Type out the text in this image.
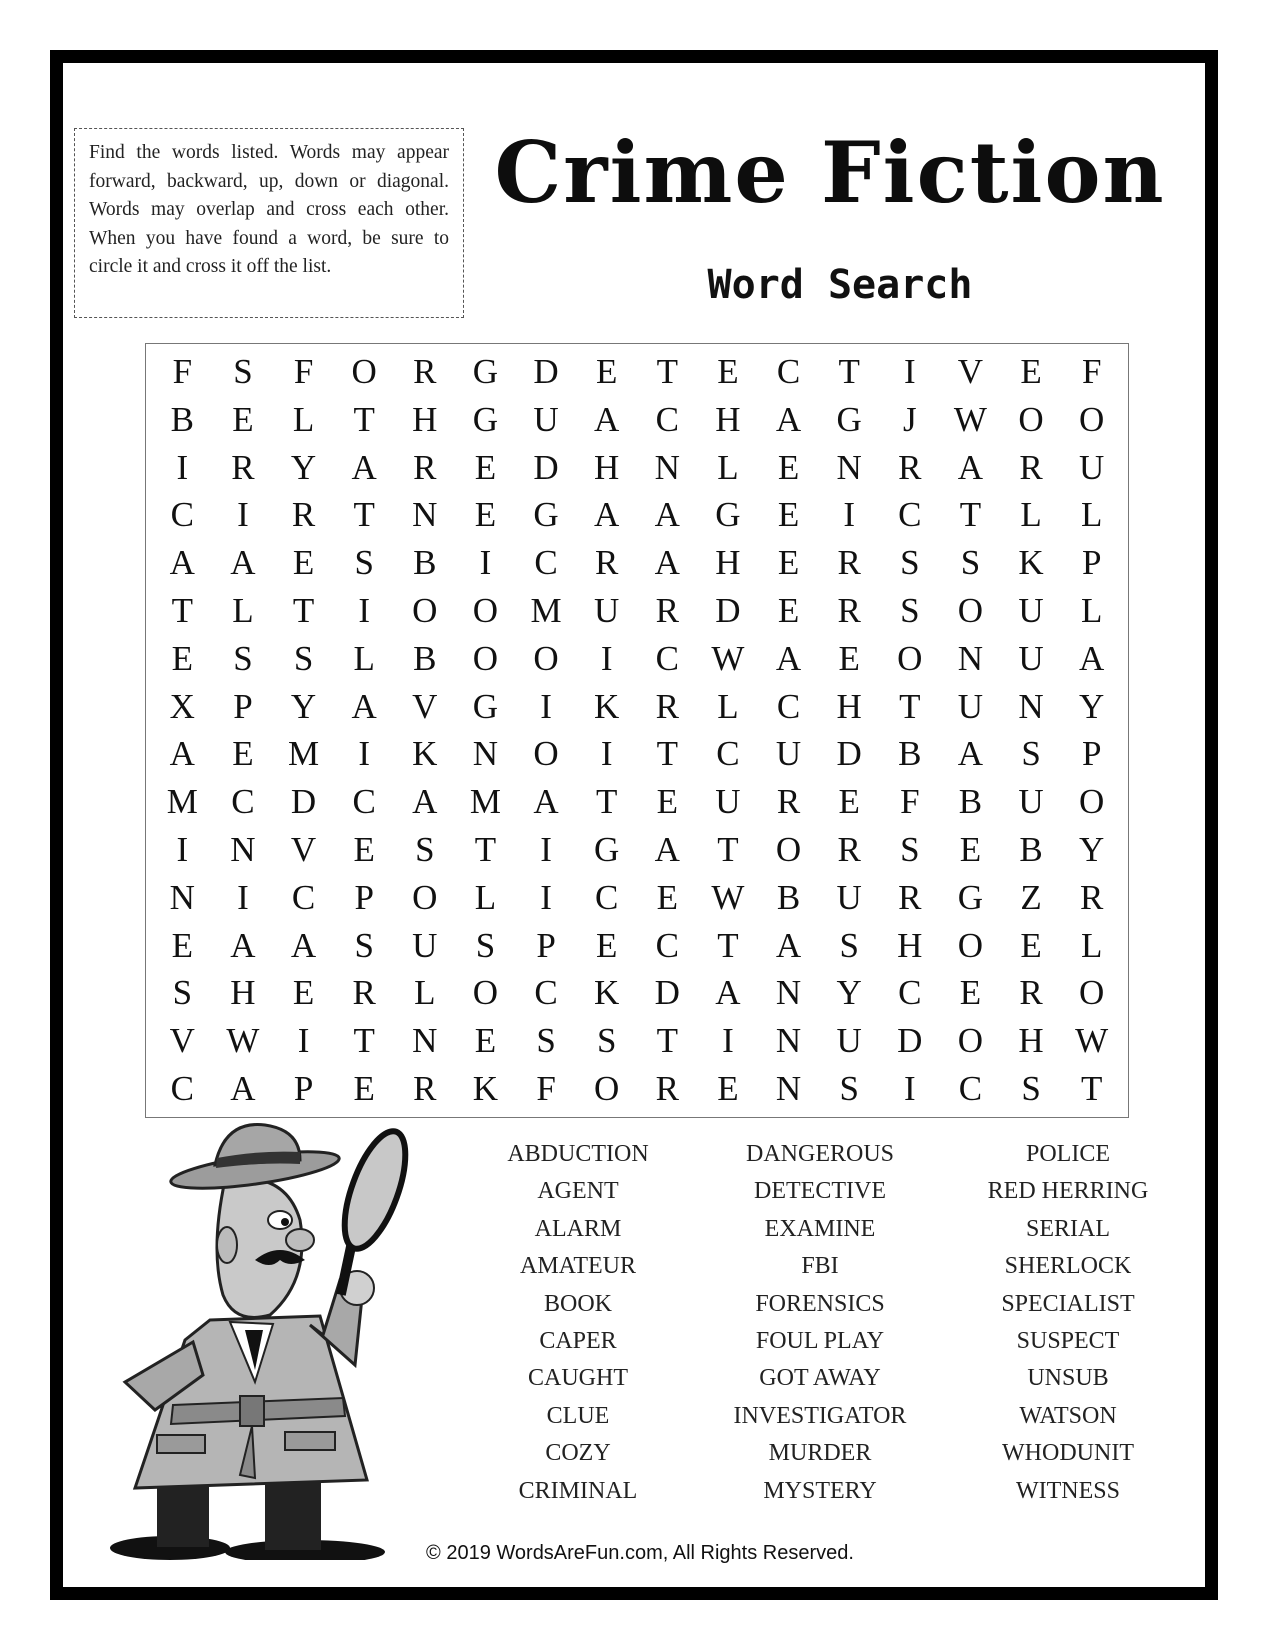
Find the words listed. Words may appear forward, backward, up, down or diagonal. Words may overlap and cross each other. When you have found a word, be sure to circle it and cross it off the list.
Crime Fiction
Word Search
F	S	F	O	R	G	D	E	T	E	C	T	I	V	E	F
B	E	L	T	H	G	U	A	C	H	A	G	J	W O	O
I	R	Y	A	R	E	D	H	N	L	E	N	R	A	R	U
C	I	R	T	N	E	G	A	A	G	E	I	C	T	L	L
A	A	E	S	B	I	C	R	A	H	E	R	S	S	K	P
T	L	T	I	O	O M U	R	D	E	R	S	O	U	L
E	S	S	L	B	O	O	I	C W A	E	O	N	U	A
X	P	Y	A	V	G	I	K	R	L	C	H	T	U	N	Y
A	E M	I	K	N	O	I	T	C	U	D	B	A	S	P
M C	D	C	A M A	T	E	U	R	E	F	B	U	O
I	N	V	E	S	T	I	G	A	T	O	R	S	E	B	Y
N	I	C	P	O	L	I	C	E W B	U	R	G	Z	R
E	A	A	S	U	S	P	E	C	T	A	S	H	O	E	L
S	H	E	R	L	O	C	K	D	A	N	Y	C	E	R	O
V W	I	T	N	E	S	S	T	I	N	U	D	O	H W
C	A	P	E	R	K	F	O	R	E	N	S	I	C	S	T
ABDUCTION
AGENT
ALARM
AMATEUR
BOOK
CAPER
CAUGHT
CLUE
COZY
CRIMINAL
DANGEROUS
DETECTIVE
EXAMINE
FBI
FORENSICS
FOUL PLAY
GOT AWAY
INVESTIGATOR
MURDER
MYSTERY
POLICE
RED HERRING
SERIAL
SHERLOCK
SPECIALIST
SUSPECT
UNSUB
WATSON
WHODUNIT
WITNESS
© 2019 WordsAreFun.com, All Rights Reserved.
